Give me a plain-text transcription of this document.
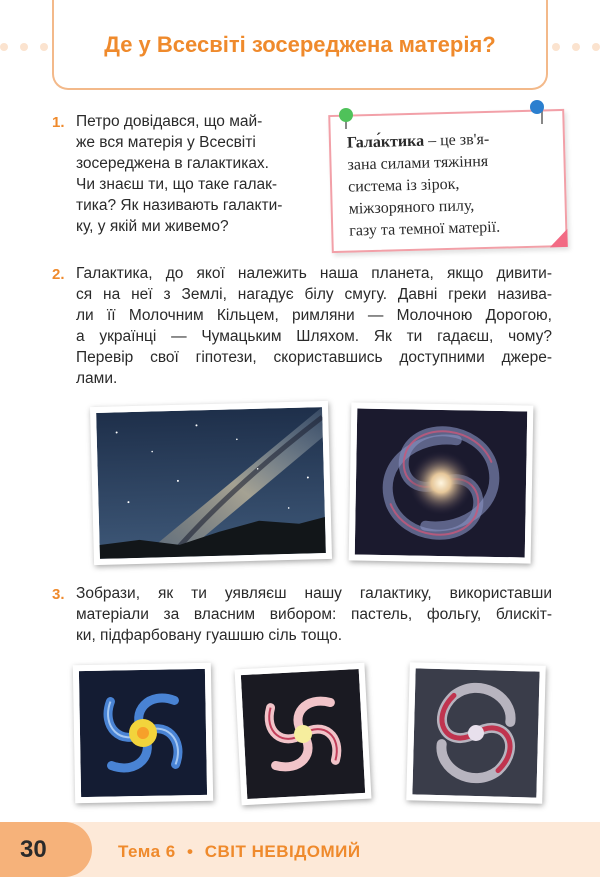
Де у Всесвіті зосереджена матерія?
1. Петро довідався, що май-
же вся матерія у Всесвіті
зосереджена в галактиках.
Чи знаєш ти, що таке галак-
тика? Як називають галакти-
ку, у якій ми живемо?
Гала́ктика – це зв'я-
зана силами тяжіння
система із зірок,
міжзоряного пилу,
газу та темної матерії.
2. Галактика, до якої належить наша планета, якщо дивити-
ся на неї з Землі, нагадує білу смугу. Давні греки назива-
ли її Молочним Кільцем, римляни — Молочною Дорогою,
а українці — Чумацьким Шляхом. Як ти гадаєш, чому?
Перевір свої гіпотези, скориставшись доступними джере-
лами.
3. Зобрази, як ти уявляєш нашу галактику, використавши
матеріали за власним вибором: пастель, фольгу, блискіт-
ки, підфарбовану гуашшю сіль тощо.
30	Тема 6 • СВІТ НЕВІДОМИЙ
